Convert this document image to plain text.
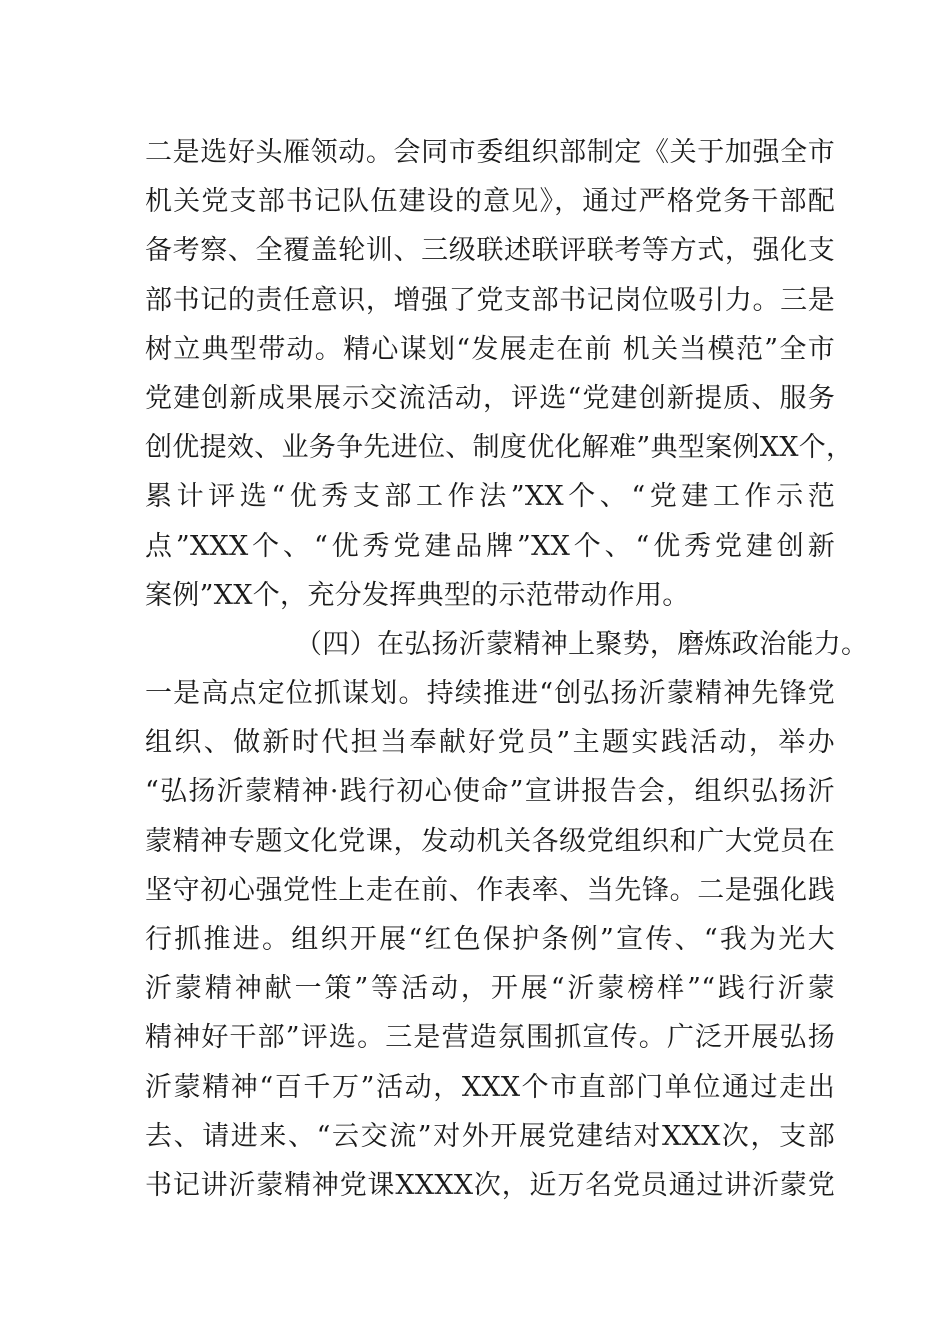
二是选好头雁领动。会同市委组织部制定《关于加强全市
机关党支部书记队伍建设的意见》，通过严格党务干部配
备考察、全覆盖轮训、三级联述联评联考等方式，强化支
部书记的责任意识，增强了党支部书记岗位吸引力。三是
树立典型带动。精心谋划“发展走在前 机关当模范”全市
党建创新成果展示交流活动，评选“党建创新提质、服务
创优提效、业务争先进位、制度优化解难”典型案例XX个，
累计评选“优秀支部工作法”XX个、“党建工作示范
点”XXX个、“优秀党建品牌”XX个、“优秀党建创新
案例”XX个，充分发挥典型的示范带动作用。
（四）在弘扬沂蒙精神上聚势，磨炼政治能力。
一是高点定位抓谋划。持续推进“创弘扬沂蒙精神先锋党
组织、做新时代担当奉献好党员”主题实践活动，举办
“弘扬沂蒙精神·践行初心使命”宣讲报告会，组织弘扬沂
蒙精神专题文化党课，发动机关各级党组织和广大党员在
坚守初心强党性上走在前、作表率、当先锋。二是强化践
行抓推进。组织开展“红色保护条例”宣传、“我为光大
沂蒙精神献一策”等活动，开展“沂蒙榜样”“践行沂蒙
精神好干部”评选。三是营造氛围抓宣传。广泛开展弘扬
沂蒙精神“百千万”活动，XXX个市直部门单位通过走出
去、请进来、“云交流”对外开展党建结对XXX次，支部
书记讲沂蒙精神党课XXXX次，近万名党员通过讲沂蒙党
